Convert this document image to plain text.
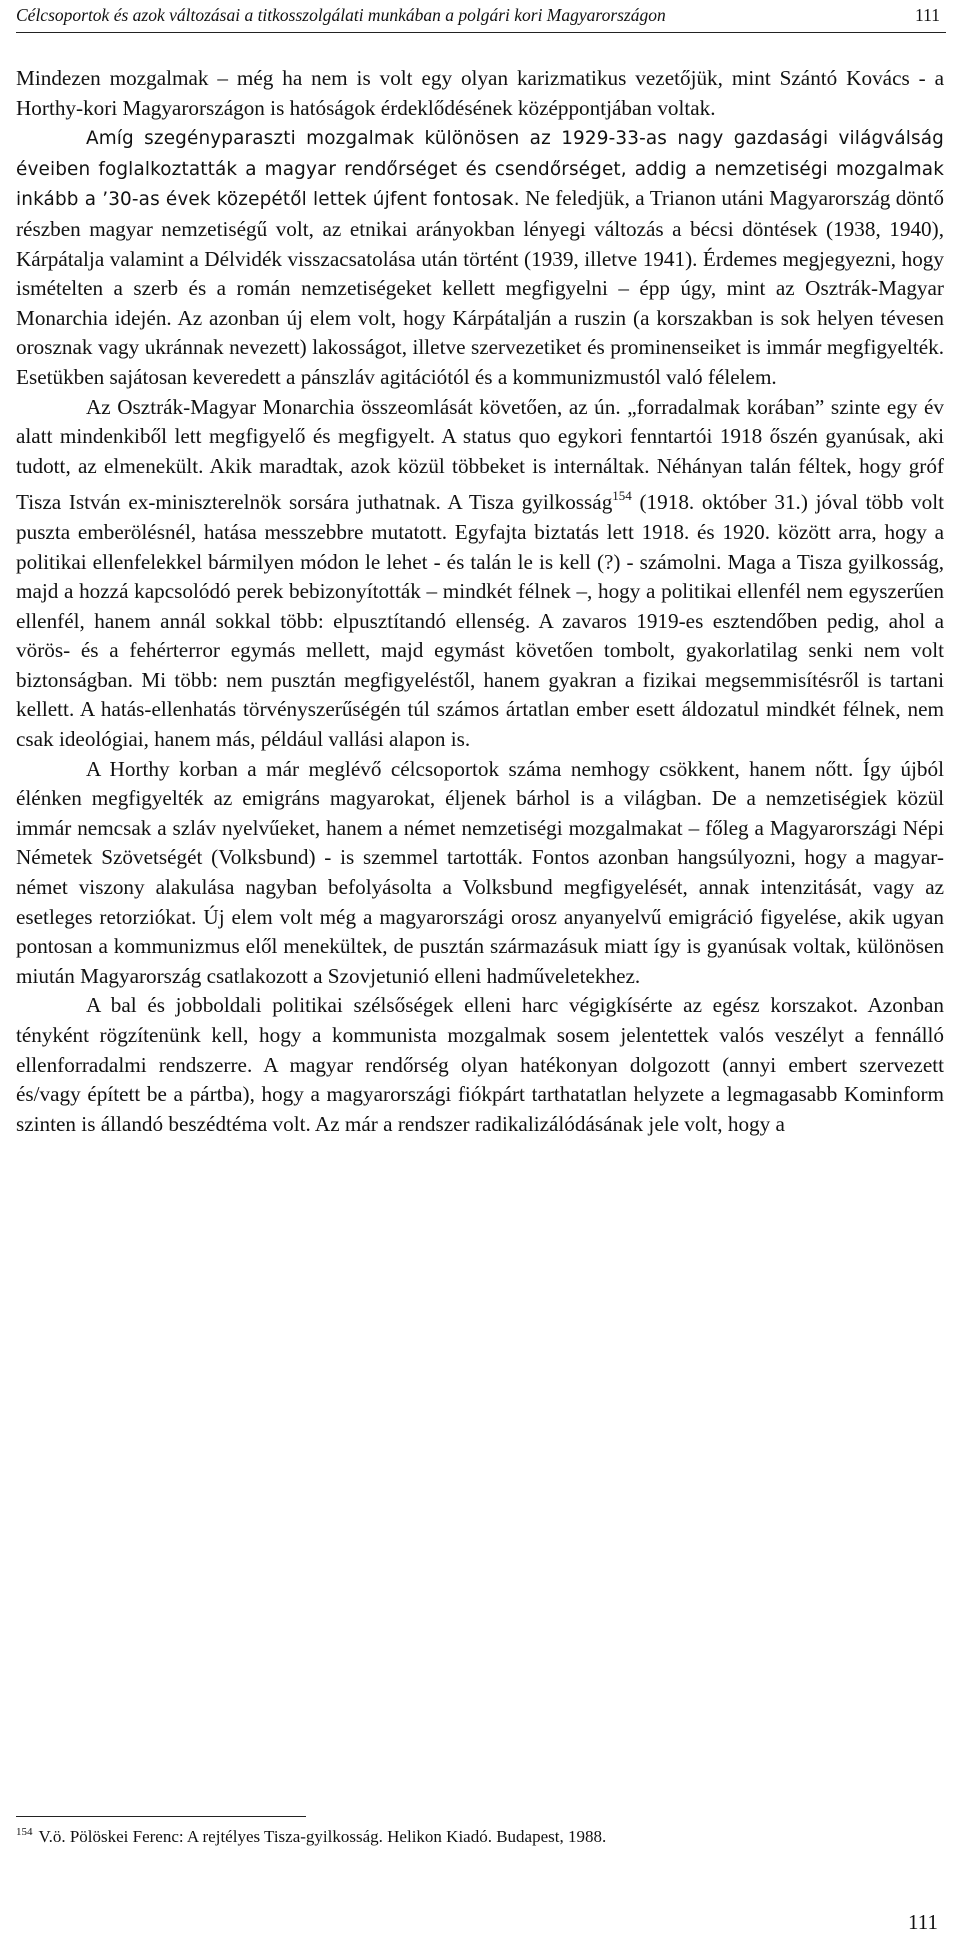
Célcsoportok és azok változásai a titkosszolgálati munkában a polgári kori Magyarországon	111

Mindezen mozgalmak – még ha nem is volt egy olyan karizmatikus vezetőjük, mint Szántó Kovács - a Horthy-kori Magyarországon is hatóságok érdeklődésének középpontjában voltak.

Amíg szegényparaszti mozgalmak különösen az 1929-33-as nagy gazdasági világválság éveiben foglalkoztatták a magyar rendőrséget és csendőrséget, addig a nemzetiségi mozgalmak inkább a ’30-as évek közepétől lettek újfent fontosak. Ne feledjük, a Trianon utáni Magyarország döntő részben magyar nemzetiségű volt, az etnikai arányokban lényegi változás a bécsi döntések (1938, 1940), Kárpátalja valamint a Délvidék visszacsatolása után történt (1939, illetve 1941). Érdemes megjegyezni, hogy ismételten a szerb és a román nemzetiségeket kellett megfigyelni – épp úgy, mint az Osztrák-Magyar Monarchia idején. Az azonban új elem volt, hogy Kárpátalján a ruszin (a korszakban is sok helyen tévesen orosznak vagy ukránnak nevezett) lakosságot, illetve szervezetiket és prominenseiket is immár megfigyelték. Esetükben sajátosan keveredett a pánszláv agitációtól és a kommunizmustól való félelem.

Az Osztrák-Magyar Monarchia összeomlását követően, az ún. „forradalmak korában” szinte egy év alatt mindenkiből lett megfigyelő és megfigyelt. A status quo egykori fenntartói 1918 őszén gyanúsak, aki tudott, az elmenekült. Akik maradtak, azok közül többeket is internáltak. Néhányan talán féltek, hogy gróf Tisza István ex-miniszterelnök sorsára juthatnak. A Tisza gyilkosság$^{154}$ (1918. október 31.) jóval több volt puszta emberölésnél, hatása messzebbre mutatott. Egyfajta biztatás lett 1918. és 1920. között arra, hogy a politikai ellenfelekkel bármilyen módon le lehet - és talán le is kell (?) - számolni. Maga a Tisza gyilkosság, majd a hozzá kapcsolódó perek bebizonyították – mindkét félnek –, hogy a politikai ellenfél nem egyszerűen ellenfél, hanem annál sokkal több: elpusztítandó ellenség. A zavaros 1919-es esztendőben pedig, ahol a vörös- és a fehérterror egymás mellett, majd egymást követően tombolt, gyakorlatilag senki nem volt biztonságban. Mi több: nem pusztán megfigyeléstől, hanem gyakran a fizikai megsemmisítésről is tartani kellett. A hatás-ellenhatás törvényszerűségén túl számos ártatlan ember esett áldozatul mindkét félnek, nem csak ideológiai, hanem más, például vallási alapon is.

A Horthy korban a már meglévő célcsoportok száma nemhogy csökkent, hanem nőtt. Így újból élénken megfigyelték az emigráns magyarokat, éljenek bárhol is a világban. De a nemzetiségiek közül immár nemcsak a szláv nyelvűeket, hanem a német nemzetiségi mozgalmakat – főleg a Magyarországi Népi Németek Szövetségét (Volksbund) - is szemmel tartották. Fontos azonban hangsúlyozni, hogy a magyar-német viszony alakulása nagyban befolyásolta a Volksbund megfigyelését, annak intenzitását, vagy az esetleges retorziókat. Új elem volt még a magyarországi orosz anyanyelvű emigráció figyelése, akik ugyan pontosan a kommunizmus elől menekültek, de pusztán származásuk miatt így is gyanúsak voltak, különösen miután Magyarország csatlakozott a Szovjetunió elleni hadműveletekhez.

A bal és jobboldali politikai szélsőségek elleni harc végigkísérte az egész korszakot. Azonban tényként rögzítenünk kell, hogy a kommunista mozgalmak sosem jelentettek valós veszélyt a fennálló ellenforradalmi rendszerre. A magyar rendőrség olyan hatékonyan dolgozott (annyi embert szervezett és/vagy épített be a pártba), hogy a magyarországi fiókpárt tarthatatlan helyzete a legmagasabb Kominform szinten is állandó beszédtéma volt. Az már a rendszer radikalizálódásának jele volt, hogy a

$^{154}$ V.ö. Pölöskei Ferenc: A rejtélyes Tisza-gyilkosság. Helikon Kiadó. Budapest, 1988.
111
